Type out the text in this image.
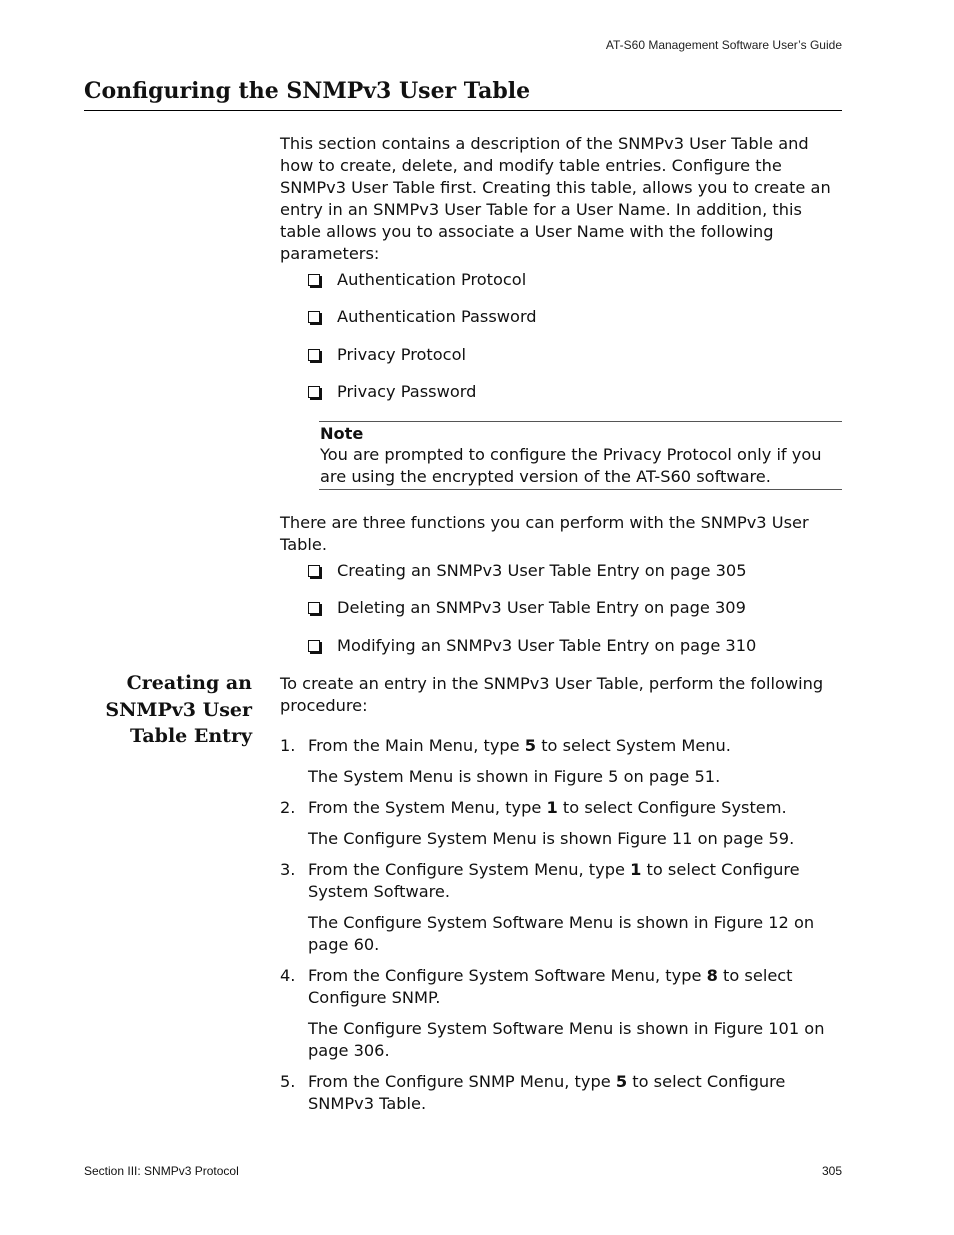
AT-S60 Management Software User’s Guide
Configuring the SNMPv3 User Table

This section contains a description of the SNMPv3 User Table and how to create, delete, and modify table entries. Configure the SNMPv3 User Table first. Creating this table, allows you to create an entry in an SNMPv3 User Table for a User Name. In addition, this table allows you to associate a User Name with the following parameters:

Authentication Protocol
Authentication Password
Privacy Protocol
Privacy Password
Note
You are prompted to configure the Privacy Protocol only if you are using the encrypted version of the AT-S60 software.

There are three functions you can perform with the SNMPv3 User Table.

Creating an SNMPv3 User Table Entry on page 305
Deleting an SNMPv3 User Table Entry on page 309
Modifying an SNMPv3 User Table Entry on page 310
Creating an SNMPv3 User Table Entry

To create an entry in the SNMPv3 User Table, perform the following procedure:

1. From the Main Menu, type 5 to select System Menu.
The System Menu is shown in Figure 5 on page 51.
2. From the System Menu, type 1 to select Configure System.
The Configure System Menu is shown Figure 11 on page 59.
3. From the Configure System Menu, type 1 to select Configure System Software.
The Configure System Software Menu is shown in Figure 12 on page 60.
4. From the Configure System Software Menu, type 8 to select Configure SNMP.
The Configure System Software Menu is shown in Figure 101 on page 306.
5. From the Configure SNMP Menu, type 5 to select Configure SNMPv3 Table.
Section III: SNMPv3 Protocol	305
